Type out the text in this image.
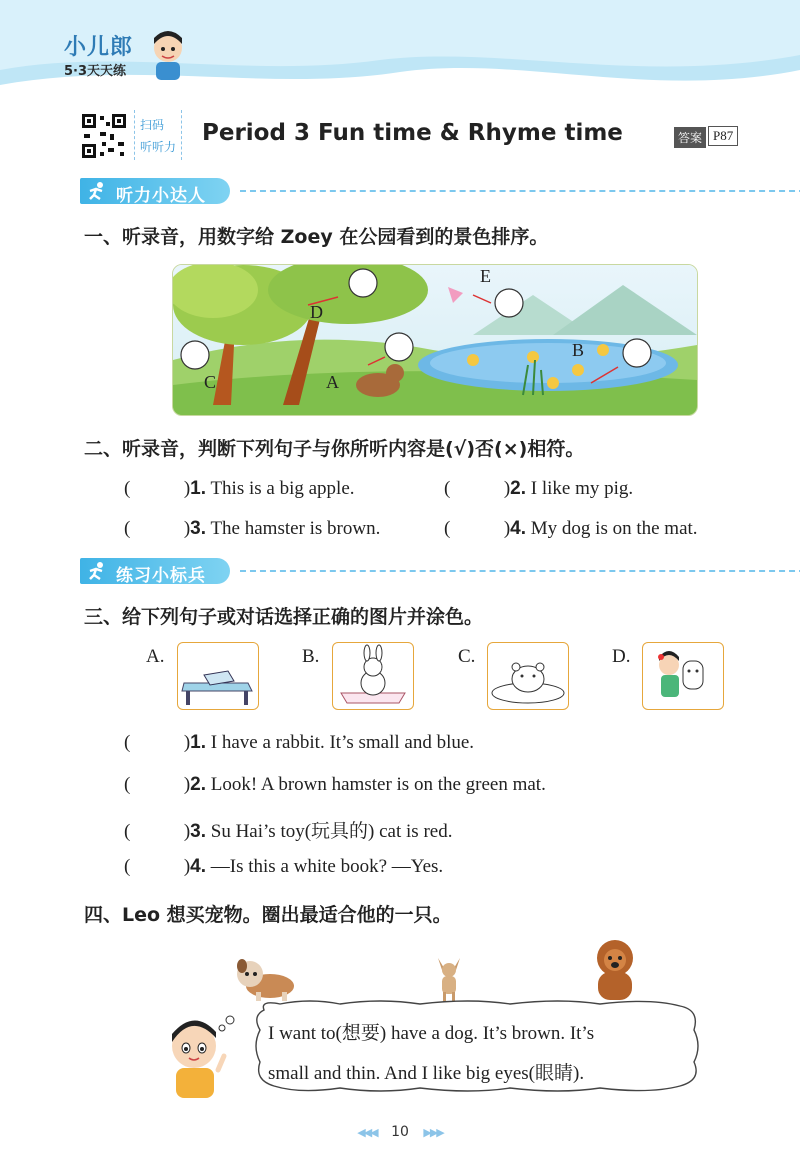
小儿郎
5·3天天练
扫码
听听力
Period 3 Fun time & Rhyme time	答案 P87
听力小达人
一、听录音，用数字给 Zoey 在公园看到的景色排序。
A
B
C
D
E
二、听录音，判断下列句子与你所听内容是(√)否(×)相符。
(	)1. This is a big apple.	(	)2. I like my pig.
(	)3. The hamster is brown.	(	)4. My dog is on the mat.
练习小标兵
三、给下列句子或对话选择正确的图片并涂色。
A.	B.	C.	D.
(	)1. I have a rabbit. It’s small and blue.
(	)2. Look! A brown hamster is on the green mat.
(	)3. Su Hai’s toy(玩具的) cat is red.
(	)4. —Is this a white book? —Yes.
四、Leo 想买宠物。圈出最适合他的一只。
I want to(想要) have a dog. It’s brown. It’s
small and thin. And I like big eyes(眼睛).
◀◀◀ 10 ▶▶▶
